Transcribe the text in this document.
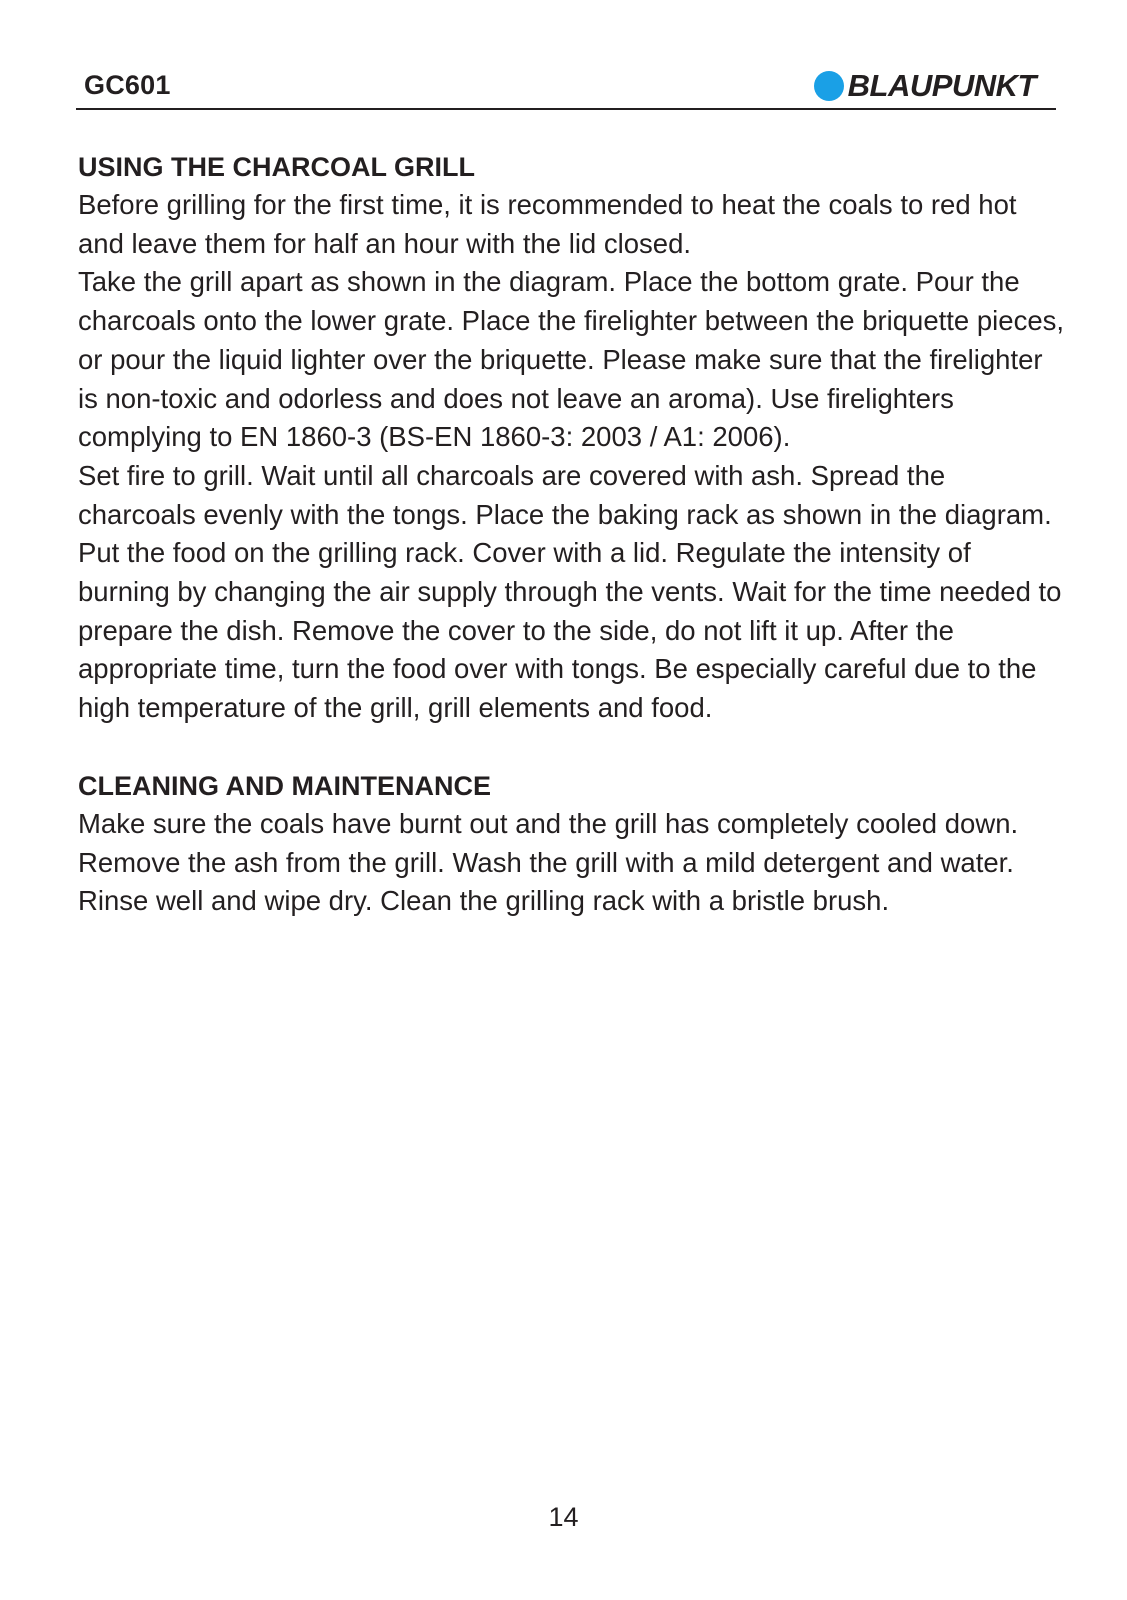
GC601	BLAUPUNKT
USING THE CHARCOAL GRILL

Before grilling for the first time, it is recommended to heat the coals to red hot and leave them for half an hour with the lid closed.

Take the grill apart as shown in the diagram. Place the bottom grate. Pour the charcoals onto the lower grate. Place the firelighter between the briquette pieces, or pour the liquid lighter over the briquette. Please make sure that the firelighter is non-toxic and odorless and does not leave an aroma). Use firelighters complying to EN 1860-3 (BS-EN 1860-3: 2003 / A1: 2006).

Set fire to grill. Wait until all charcoals are covered with ash. Spread the charcoals evenly with the tongs. Place the baking rack as shown in the diagram.

Put the food on the grilling rack. Cover with a lid. Regulate the intensity of burning by changing the air supply through the vents. Wait for the time needed to prepare the dish. Remove the cover to the side, do not lift it up. After the appropriate time, turn the food over with tongs. Be especially careful due to the high temperature of the grill, grill elements and food.

CLEANING AND MAINTENANCE

Make sure the coals have burnt out and the grill has completely cooled down. Remove the ash from the grill. Wash the grill with a mild detergent and water. Rinse well and wipe dry. Clean the grilling rack with a bristle brush.

14
